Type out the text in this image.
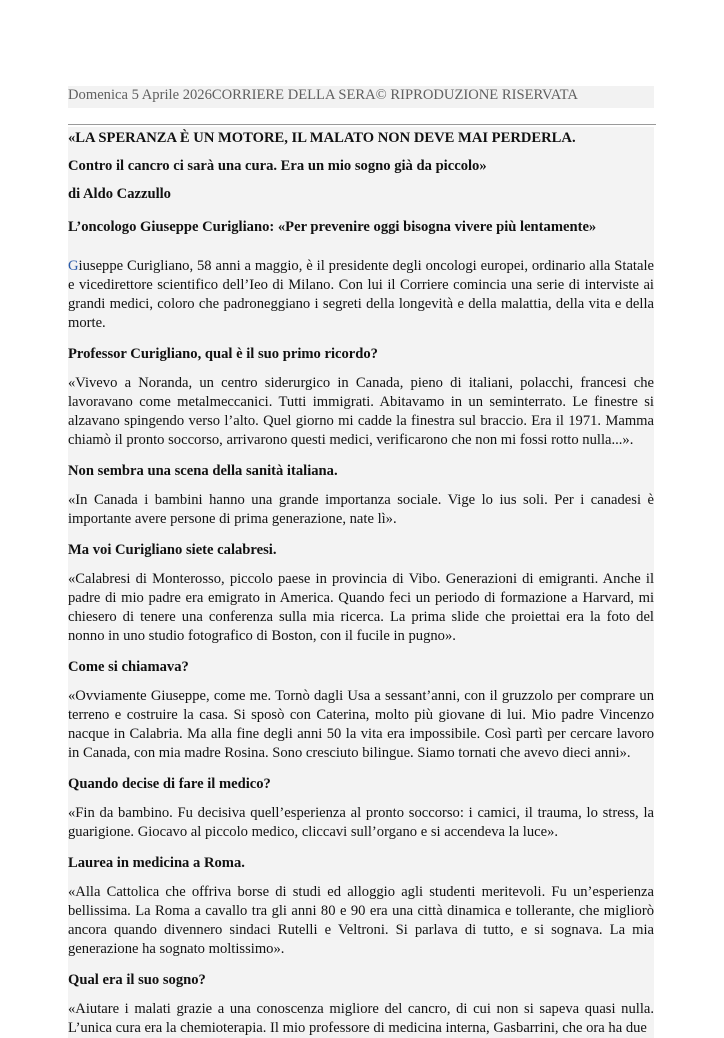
Domenica 5 Aprile 2026CORRIERE DELLA SERA© RIPRODUZIONE RISERVATA
«LA SPERANZA È UN MOTORE, IL MALATO NON DEVE MAI PERDERLA.
Contro il cancro ci sarà una cura. Era un mio sogno già da piccolo»
di Aldo Cazzullo
L’oncologo Giuseppe Curigliano: «Per prevenire oggi bisogna vivere più lentamente»
Giuseppe Curigliano, 58 anni a maggio, è il presidente degli oncologi europei, ordinario alla Statale e vicedirettore scientifico dell’Ieo di Milano. Con lui il Corriere comincia una serie di interviste ai grandi medici, coloro che padroneggiano i segreti della longevità e della malattia, della vita e della morte.
Professor Curigliano, qual è il suo primo ricordo?
«Vivevo a Noranda, un centro siderurgico in Canada, pieno di italiani, polacchi, francesi che lavoravano come metalmeccanici. Tutti immigrati. Abitavamo in un seminterrato. Le finestre si alzavano spingendo verso l’alto. Quel giorno mi cadde la finestra sul braccio. Era il 1971. Mamma chiamò il pronto soccorso, arrivarono questi medici, verificarono che non mi fossi rotto nulla...».
Non sembra una scena della sanità italiana.
«In Canada i bambini hanno una grande importanza sociale. Vige lo ius soli. Per i canadesi è importante avere persone di prima generazione, nate lì».
Ma voi Curigliano siete calabresi.
«Calabresi di Monterosso, piccolo paese in provincia di Vibo. Generazioni di emigranti. Anche il padre di mio padre era emigrato in America. Quando feci un periodo di formazione a Harvard, mi chiesero di tenere una conferenza sulla mia ricerca. La prima slide che proiettai era la foto del nonno in uno studio fotografico di Boston, con il fucile in pugno».
Come si chiamava?
«Ovviamente Giuseppe, come me. Tornò dagli Usa a sessant’anni, con il gruzzolo per comprare un terreno e costruire la casa. Si sposò con Caterina, molto più giovane di lui. Mio padre Vincenzo nacque in Calabria. Ma alla fine degli anni 50 la vita era impossibile. Così partì per cercare lavoro in Canada, con mia madre Rosina. Sono cresciuto bilingue. Siamo tornati che avevo dieci anni».
Quando decise di fare il medico?
«Fin da bambino. Fu decisiva quell’esperienza al pronto soccorso: i camici, il trauma, lo stress, la guarigione. Giocavo al piccolo medico, cliccavi sull’organo e si accendeva la luce».
Laurea in medicina a Roma.
«Alla Cattolica che offriva borse di studi ed alloggio agli studenti meritevoli. Fu un’esperienza bellissima. La Roma a cavallo tra gli anni 80 e 90 era una città dinamica e tollerante, che migliorò ancora quando divennero sindaci Rutelli e Veltroni. Si parlava di tutto, e si sognava. La mia generazione ha sognato moltissimo».
Qual era il suo sogno?
«Aiutare i malati grazie a una conoscenza migliore del cancro, di cui non si sapeva quasi nulla. L’unica cura era la chemioterapia. Il mio professore di medicina interna, Gasbarrini, che ora ha due
